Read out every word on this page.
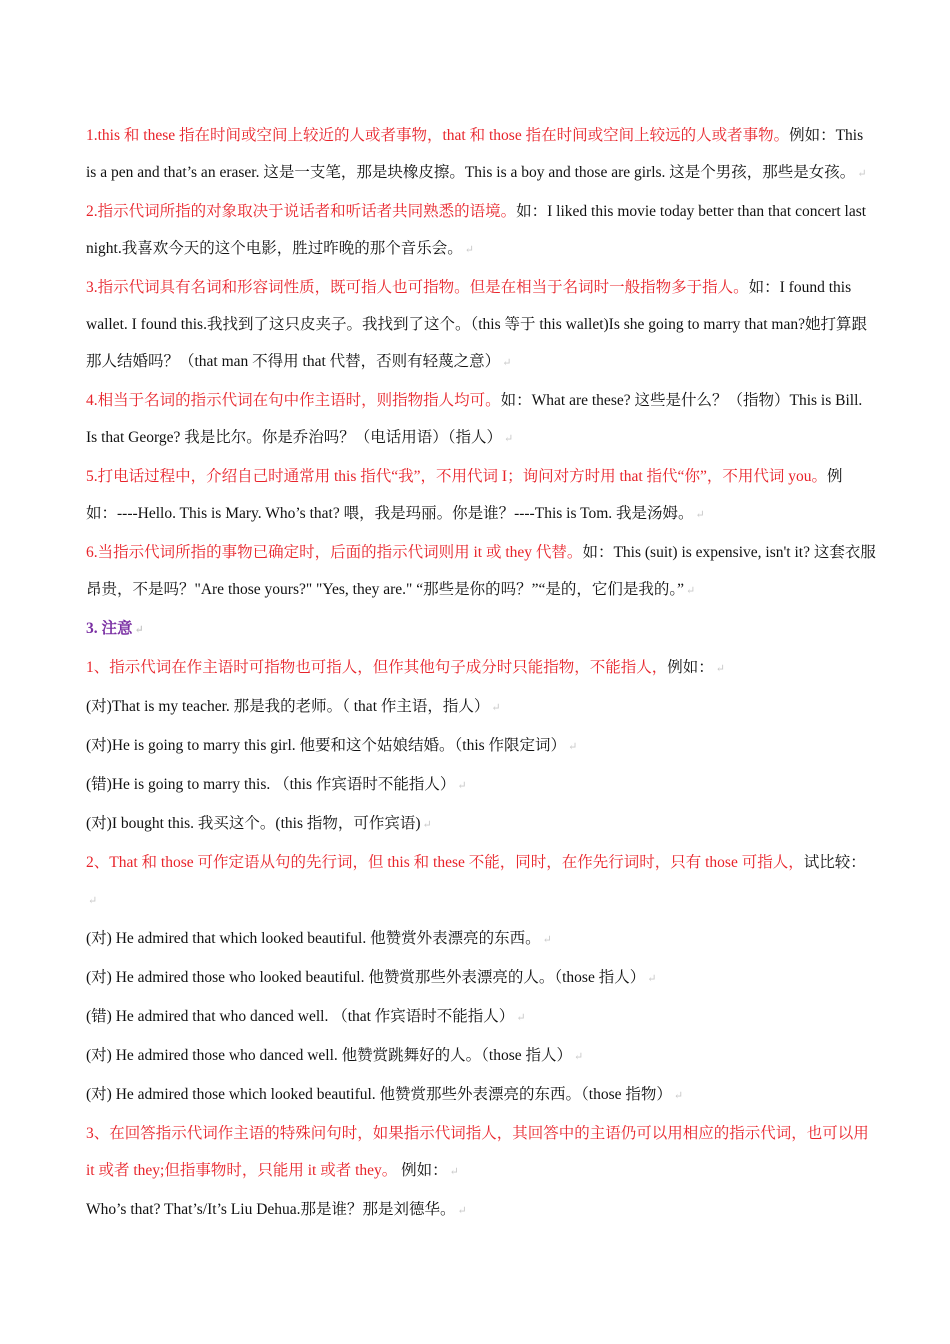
1.this 和 these 指在时间或空间上较近的人或者事物，that 和 those 指在时间或空间上较远的人或者事物。例如：This is a pen and that’s an eraser. 这是一支笔，那是块橡皮擦。This is a boy and those are girls. 这是个男孩，那些是女孩。 ↵

2.指示代词所指的对象取决于说话者和听话者共同熟悉的语境。如：I liked this movie today better than that concert last night.我喜欢今天的这个电影，胜过昨晚的那个音乐会。 ↵

3.指示代词具有名词和形容词性质，既可指人也可指物。但是在相当于名词时一般指物多于指人。如：I found this wallet. I found this.我找到了这只皮夹子。我找到了这个。（this 等于 this wallet)Is she going to marry that man?她打算跟那人结婚吗？（that man 不得用 that 代替，否则有轻蔑之意） ↵

4.相当于名词的指示代词在句中作主语时，则指物指人均可。如：What are these? 这些是什么？（指物）This is Bill. Is that George? 我是比尔。你是乔治吗？（电话用语）（指人） ↵

5.打电话过程中，介绍自己时通常用 this 指代“我”，不用代词 I；询问对方时用 that 指代“你”，不用代词 you。例如：----Hello. This is Mary. Who’s that? 喂，我是玛丽。你是谁？----This is Tom. 我是汤姆。 ↵

6.当指示代词所指的事物已确定时，后面的指示代词则用 it 或 they 代替。如：This (suit) is expensive, isn't it? 这套衣服昂贵，不是吗？"Are those yours?" "Yes, they are." “那些是你的吗？”“是的，它们是我的。” ↵

3. 注意 ↵

1、指示代词在作主语时可指物也可指人，但作其他句子成分时只能指物，不能指人，例如： ↵

(对)That is my teacher. 那是我的老师。（ that 作主语，指人） ↵

(对)He is going to marry this girl. 他要和这个姑娘结婚。（this 作限定词） ↵

(错)He is going to marry this. （this 作宾语时不能指人） ↵

(对)I bought this. 我买这个。(this 指物，可作宾语) ↵

2、That 和 those 可作定语从句的先行词，但 this 和 these 不能，同时，在作先行词时，只有 those 可指人，试比较：↵

(对) He admired that which looked beautiful. 他赞赏外表漂亮的东西。 ↵

(对) He admired those who looked beautiful. 他赞赏那些外表漂亮的人。（those 指人） ↵

(错) He admired that who danced well. （that 作宾语时不能指人） ↵

(对) He admired those who danced well. 他赞赏跳舞好的人。（those 指人） ↵

(对) He admired those which looked beautiful. 他赞赏那些外表漂亮的东西。（those 指物） ↵

3、在回答指示代词作主语的特殊问句时，如果指示代词指人，其回答中的主语仍可以用相应的指示代词，也可以用 it 或者 they;但指事物时，只能用 it 或者 they。 例如： ↵

Who’s that? That’s/It’s Liu Dehua.那是谁？那是刘德华。 ↵
